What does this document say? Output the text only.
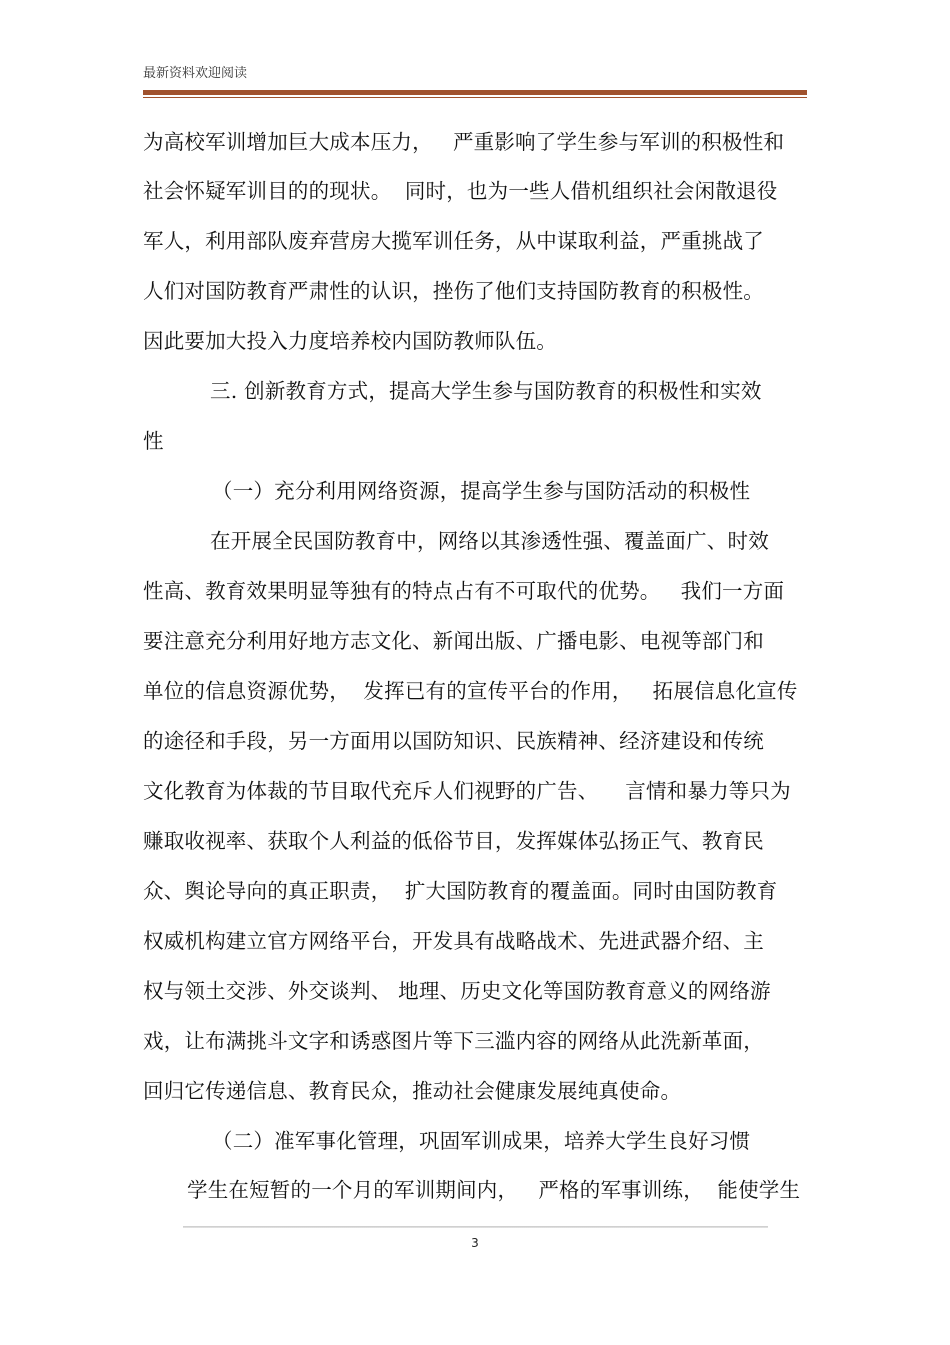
最新资料欢迎阅读
为高校军训增加巨大成本压力，   严重影响了学生参与军训的积极性和
社会怀疑军训目的的现状。  同时，也为一些人借机组织社会闲散退役
军人，利用部队废弃营房大揽军训任务，从中谋取利益，严重挑战了
人们对国防教育严肃性的认识，挫伤了他们支持国防教育的积极性。
因此要加大投入力度培养校内国防教师队伍。
三. 创新教育方式，提高大学生参与国防教育的积极性和实效
性
（一）充分利用网络资源，提高学生参与国防活动的积极性
在开展全民国防教育中，网络以其渗透性强、覆盖面广、时效
性高、教育效果明显等独有的特点占有不可取代的优势。   我们一方面
要注意充分利用好地方志文化、新闻出版、广播电影、电视等部门和
单位的信息资源优势，  发挥已有的宣传平台的作用，   拓展信息化宣传
的途径和手段，另一方面用以国防知识、民族精神、经济建设和传统
文化教育为体裁的节目取代充斥人们视野的广告、    言情和暴力等只为
赚取收视率、获取个人利益的低俗节目，发挥媒体弘扬正气、教育民
众、舆论导向的真正职责，  扩大国防教育的覆盖面。同时由国防教育
权威机构建立官方网络平台，开发具有战略战术、先进武器介绍、主
权与领土交涉、外交谈判、 地理、历史文化等国防教育意义的网络游
戏，让布满挑斗文字和诱惑图片等下三滥内容的网络从此洗新革面，
回归它传递信息、教育民众，推动社会健康发展纯真使命。
（二）准军事化管理，巩固军训成果，培养大学生良好习惯
学生在短暂的一个月的军训期间内，   严格的军事训练，  能使学生
3
